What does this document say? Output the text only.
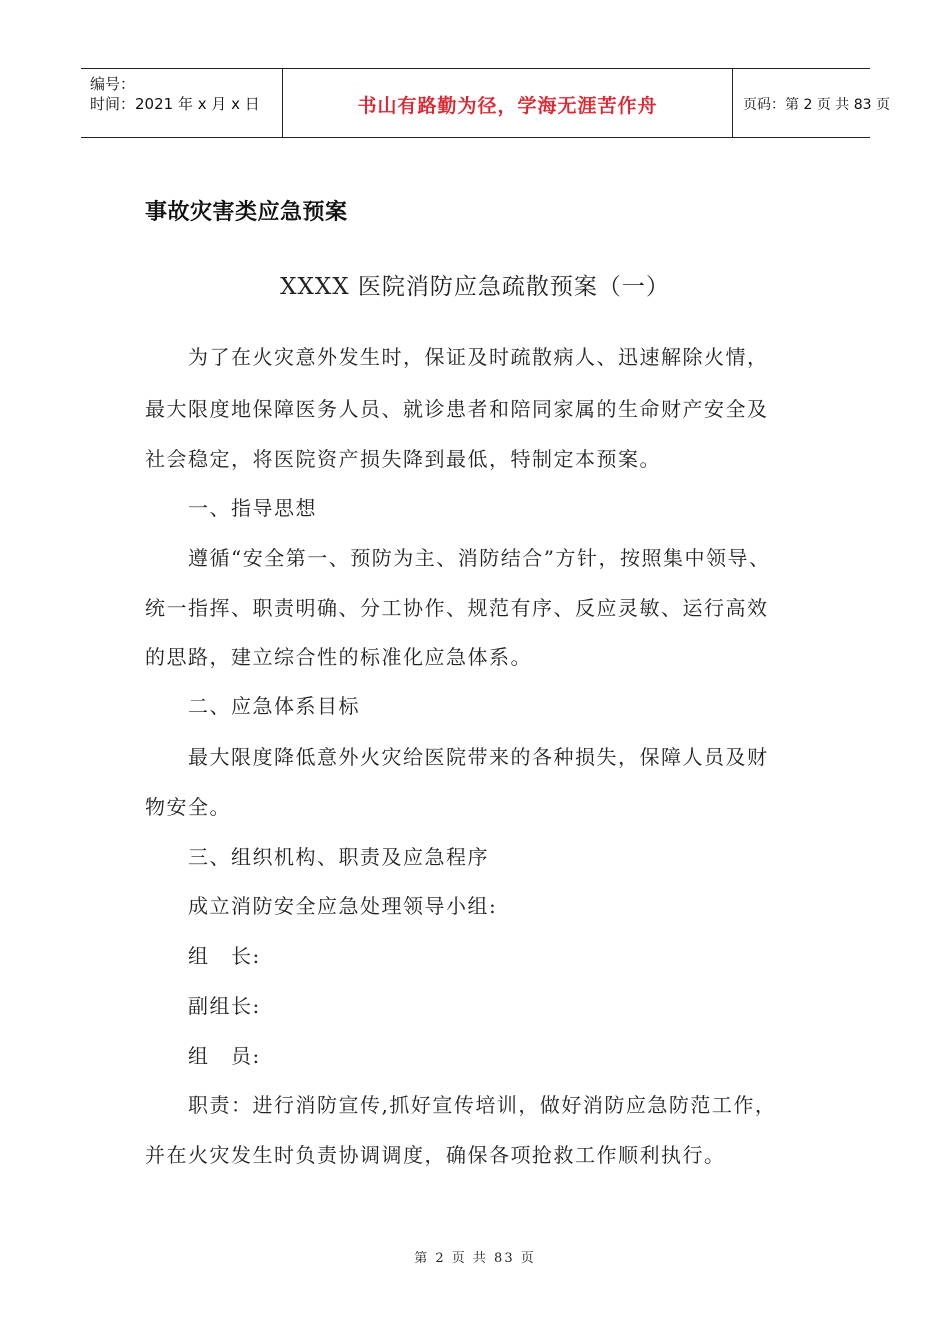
编号：
时间：2021 年 x 月 x 日	书山有路勤为径，学海无涯苦作舟	页码：第 2 页 共 83 页
事故灾害类应急预案
XXXX 医院消防应急疏散预案（一）
　　为了在火灾意外发生时，保证及时疏散病人、迅速解除火情，
最大限度地保障医务人员、就诊患者和陪同家属的生命财产安全及
社会稳定，将医院资产损失降到最低，特制定本预案。
　　一、指导思想
　　遵循“安全第一、预防为主、消防结合”方针，按照集中领导、
统一指挥、职责明确、分工协作、规范有序、反应灵敏、运行高效
的思路，建立综合性的标准化应急体系。
　　二、应急体系目标
　　最大限度降低意外火灾给医院带来的各种损失，保障人员及财
物安全。
　　三、组织机构、职责及应急程序
　　成立消防安全应急处理领导小组:
　　组　长:
　　副组长:
　　组　员:
　　职责：进行消防宣传,抓好宣传培训，做好消防应急防范工作，
并在火灾发生时负责协调调度，确保各项抢救工作顺利执行。
第 2 页 共 83 页
